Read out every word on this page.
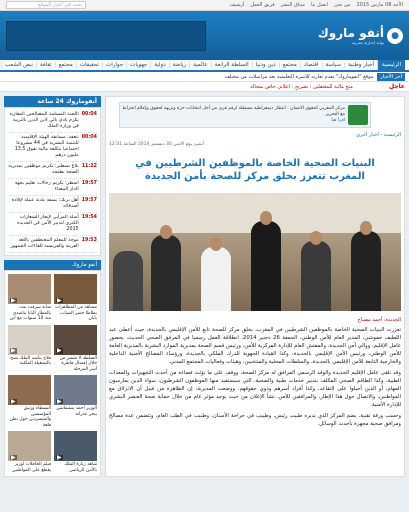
الأحد 08 مارس 2015
من نحن
اتصل بنا
ميثاق النشر
فريق العمل
أرشيف
بحث في أخبار الموقع
●
أنفو ماروك
بوابة إخبارية مغربية
الرئيسية
أخبار وطنية
سياسة
اقتصاد
مجتمع
دين ودنيا
السلطة الرابعة
عالمية
رياضة
دولية
جهويات
حوارات
تحقيقات
مجتمع
ثقافة
نبض الشعب
آخر الأخبار
موقع "أنفوماروك" يقدم تعازيه للأسرة التعليمية بعد مراسلات من مختلف
عاجل
منح مالية للمعتقلين : تصريح : اعلاني خاص بمحالة
مركز المغربي لحقوق الانسان : انتظار ديمقراطية مستقلة لرقم قرى من أجل انتخابات حرة ونزيهة لحقوق وإعلام انخراط مع التحرير
اقرأ هنا
الرئيسية - أخبار أخرى
أنشئ يوم الاثنين 30 ديسمبر 2014 الساعة 12:31
البنيات الصحية الخاصة بالموظفين الشرطيين في المغرب تتعزز بخلق مركز للصحة بأمن الجديدة
الجديدة: أحمد مصباح

تعززت البنيات الصحية الخاصة بالموظفين الشرطيين في المغرب، بخلق مركز للصحة تابع للأمن الإقليمي بالجديدة، حيث أعطى عبد اللطيف حموشي، المدير العام للأمن الوطني، الجمعة 26 دجنبر 2014، انطلاقة العمل رسميا في المرفق الصحي الحديث، بحضور عامل الإقليم، ووالي أمن الجديدة، والمفتش العام للإدارة المركزية للأمن، ورئيس قسم الصحة بمديرية الموارد البشرية بالمديرية العامة للأمن الوطني، ورئيس الأمن الإقليمي بالجديدة، وكذا القيادة الجهوية للدرك الملكي بالجديدة، ورؤساء المصالح الأمنية الداخلية والخارجية التابعة للأمن الإقليمي بالجديدة، والسلطات المحلية والمنتخبين، وهيئات وفعاليات المجتمع المدني.

وقد تلقى عامل الإقليم الجديدة والوفد الرسمي المرافق له مركز الصحة، ووقف على ما يؤثث فضاءه من أحدث التجهيزات والمعدات الطبية، وكذا الطاقم الصحي المكلف بتدبير خدمات طبية والصحية، التي سيستفيد منها الموظفون الشرطيون، سواء الذين يمارسون المهام، أو الذين أحيلوا على التقاعد، وكذا أفراد أسرهم وذوي حقوقهم. ووضعت المديرية، إن الظاهرة من قبيل أن الانزلاق مع المواطنين، والاتصال حول هذا الإطار، والمرافقين للأمن. نشأ الإعلان من حيث يوجد مؤثر عام من خلال حماية صحة العنصر البشري للإدارة الأمنية.

وحسب ورقة تقنية، يضم المركز الذي يديره طبيب رئيس، وطبيب في جراحة الأسنان، وطبيب في الطب العام، وتتضمن عدة مصالح ومرافق صحية مجهزة بأحدث الوسائل.

أنفوماروك 24 ساعة
00:04
اللجنة المسلمة للمصالحين المغاربة يكرم نادي بالي لابن الدين بالتربية في وزارة الملك
00:04
تنعقد: مسابقة الهيئة الإقليمية للتنمية البشرية في 44 مشروعا اجتماعيا بتكلفة مالية تفوق 13,5 مليون درهم
11:22
بلاغ تسطير: تكريم موظفين بمديرية الصحة بطنجة
19:57
اسطر: تكريم رجالات تعليم بجهة الدار البيضاء
19:57
أهل بريك: بسفة بلدية عملة لإفادة أصدقائه
19:54
أسلة المرآبي لإنجاز الشعارات الكبرى لتدبير الأمن في الجديدة 2015
19:53
موجة للمعلم المختطفين باللغة العربية والفرنسية للقاءات الجمهور
أنفو ماروك
▶
مشاهد من المظاهرات بطاطا حضر الشباب بابان
▶
شابة سرقت بنت بالمطار البابا يناشدي منذ 10 سنوات مع ابن
▶
السلطة لا تنتشر من خلال إفشال فاطرة أسر المرحلة
▶
فلاح يناشد الملك نصح بالتشغيلة الملكية
▶
الوزير أحمد بنشماسي يبخر عذراته
▶
البسطاء وزنيق المؤسسين والمتشردين حول بطن قلعة
▶
شاهد زيارة الملك بالأمن الرياضي
▶
فيلم الحافلات لوزير يقطع على المواطنين
